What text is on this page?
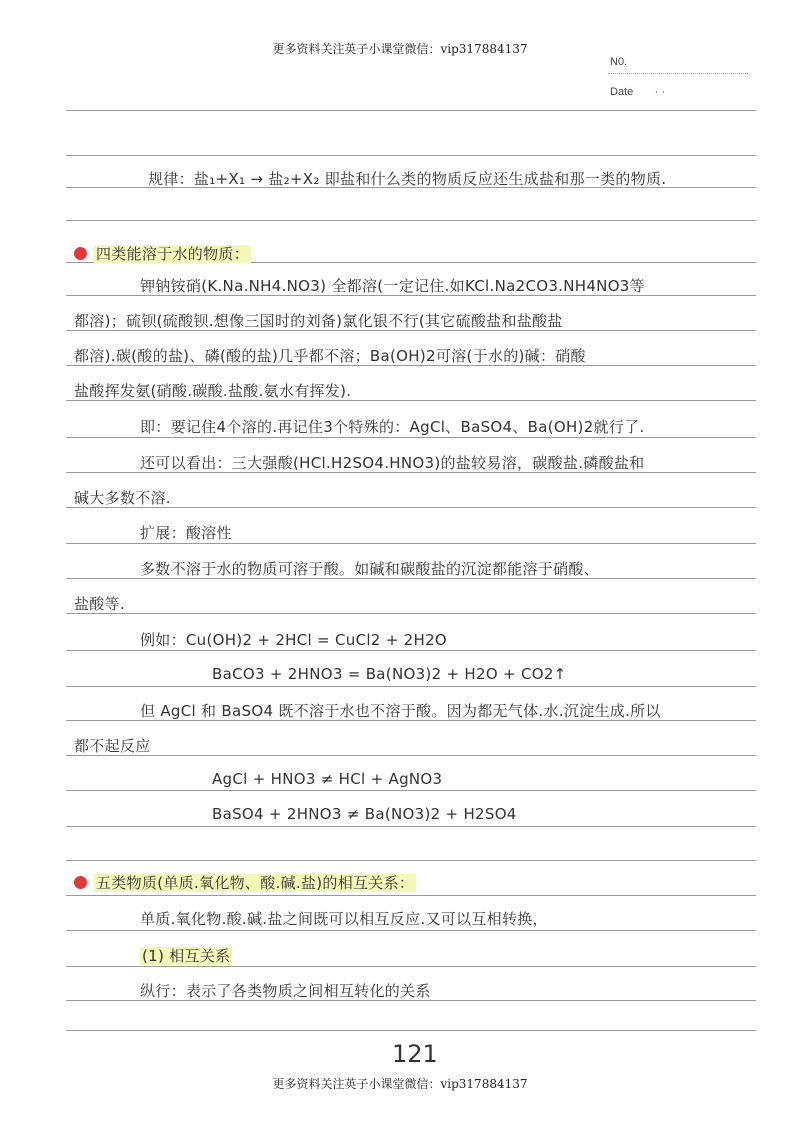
更多资料关注英子小课堂微信：vip317884137
N0.
Date · ·
规律：盐₁+X₁ → 盐₂+X₂ 即盐和什么类的物质反应还生成盐和那一类的物质.
四类能溶于水的物质：
钾钠铵硝(K.Na.NH4.NO3) 全都溶(一定记住.如KCl.Na2CO3.NH4NO3等
都溶)；硫钡(硫酸钡.想像三国时的刘备)氯化银不行(其它硫酸盐和盐酸盐
都溶).碳(酸的盐)、磷(酸的盐)几乎都不溶；Ba(OH)2可溶(于水的)碱：硝酸
盐酸挥发氨(硝酸.碳酸.盐酸.氨水有挥发).
即：要记住4个溶的.再记住3个特殊的：AgCl、BaSO4、Ba(OH)2就行了.
还可以看出：三大强酸(HCl.H2SO4.HNO3)的盐较易溶，碳酸盐.磷酸盐和
碱大多数不溶.
扩展：酸溶性
多数不溶于水的物质可溶于酸。如碱和碳酸盐的沉淀都能溶于硝酸、
盐酸等.
例如：Cu(OH)2 + 2HCl = CuCl2 + 2H2O
BaCO3 + 2HNO3 = Ba(NO3)2 + H2O + CO2↑
但 AgCl 和 BaSO4 既不溶于水也不溶于酸。因为都无气体.水.沉淀生成.所以
都不起反应
AgCl + HNO3 ≠ HCl + AgNO3
BaSO4 + 2HNO3 ≠ Ba(NO3)2 + H2SO4
五类物质(单质.氧化物、酸.碱.盐)的相互关系：
单质.氧化物.酸.碱.盐之间既可以相互反应.又可以互相转换，
(1) 相互关系
纵行：表示了各类物质之间相互转化的关系
121
更多资料关注英子小课堂微信：vip317884137
